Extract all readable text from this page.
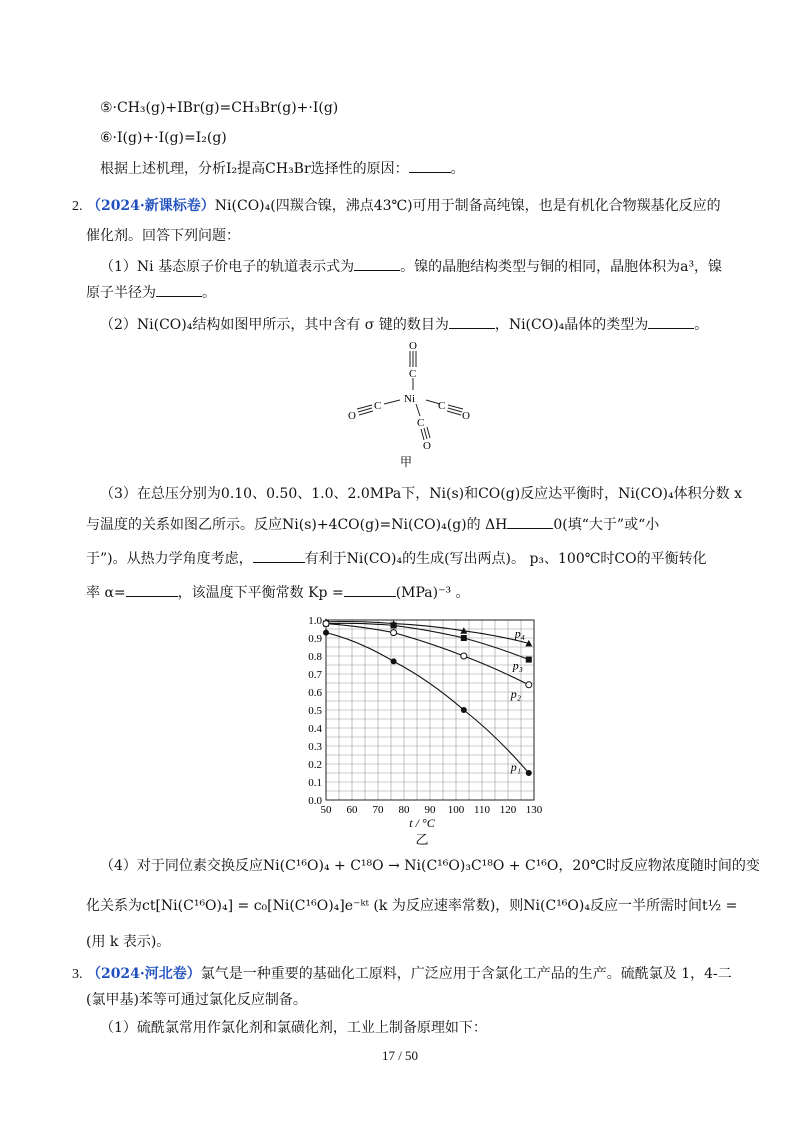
⑤·CH₃(g)+IBr(g)=CH₃Br(g)+·I(g)
⑥·I(g)+·I(g)=I₂(g)
根据上述机理，分析I₂提高CH₃Br选择性的原因：	。
2. （2024·新课标卷）Ni(CO)₄(四羰合镍，沸点43℃)可用于制备高纯镍，也是有机化合物羰基化反应的
催化剂。回答下列问题：
（1）Ni 基态原子价电子的轨道表示式为	。镍的晶胞结构类型与铜的相同，晶胞体积为a³，镍
原子半径为	。
（2）Ni(CO)₄结构如图甲所示，其中含有 σ 键的数目为	，Ni(CO)₄晶体的类型为	。
O
C
Ni
C
O
C
O
C
O
甲
（3）在总压分别为0.10、0.50、1.0、2.0MPa下，Ni(s)和CO(g)反应达平衡时，Ni(CO)₄体积分数 x
与温度的关系如图乙所示。反应Ni(s)+4CO(g)=Ni(CO)₄(g)的 ΔH	0(填“大于”或“小
于”)。从热力学角度考虑，	有利于Ni(CO)₄的生成(写出两点)。 p₃、100℃时CO的平衡转化
率 α=	，该温度下平衡常数 Kp =	(MPa)⁻³ 。
50 60 70 80 90 100 110 120 130
0.0
0.1
0.2
0.3
0.4
0.5
0.6
0.7
0.8
0.9
1.0
t / °C
乙
p₄
p₃
p₂
p₁
（4）对于同位素交换反应Ni(C¹⁶O)₄ + C¹⁸O → Ni(C¹⁶O)₃C¹⁸O + C¹⁶O，20℃时反应物浓度随时间的变
化关系为ct[Ni(C¹⁶O)₄] = c₀[Ni(C¹⁶O)₄]e⁻ᵏᵗ (k 为反应速率常数)，则Ni(C¹⁶O)₄反应一半所需时间t½ =
(用 k 表示)。
3. （2024·河北卷）氯气是一种重要的基础化工原料，广泛应用于含氯化工产品的生产。硫酰氯及 1，4-二
(氯甲基)苯等可通过氯化反应制备。
（1）硫酰氯常用作氯化剂和氯磺化剂，工业上制备原理如下：
17 / 50
